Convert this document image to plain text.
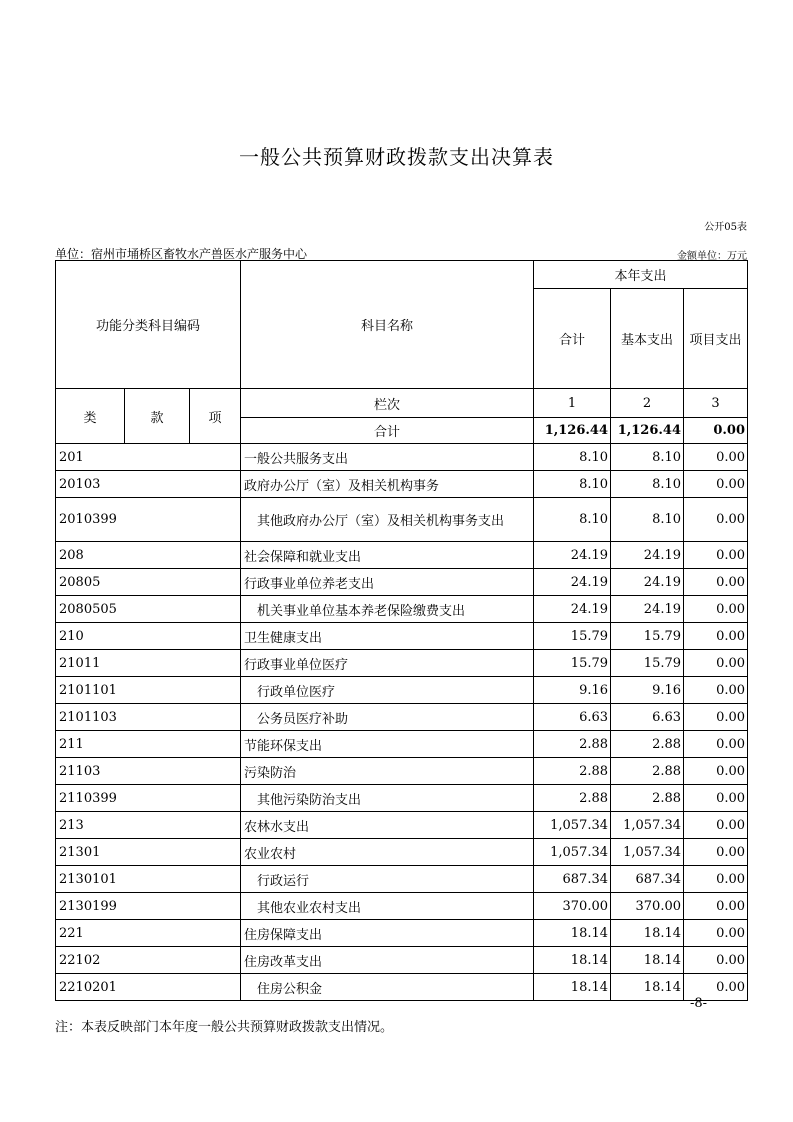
一般公共预算财政拨款支出决算表
公开05表
单位：宿州市埇桥区畜牧水产兽医水产服务中心	金额单位：万元
功能分类科目编码			科目名称	本年支出		
				合计	基本支出	项目支出

类	款	项	栏次	1	2	3
			合计	1,126.44	1,126.44	0.00
201			一般公共服务支出	8.10	8.10	0.00
20103			政府办公厅（室）及相关机构事务	8.10	8.10	0.00
2010399			其他政府办公厅（室）及相关机构事务支出	8.10	8.10	0.00
208			社会保障和就业支出	24.19	24.19	0.00
20805			行政事业单位养老支出	24.19	24.19	0.00
2080505			机关事业单位基本养老保险缴费支出	24.19	24.19	0.00
210			卫生健康支出	15.79	15.79	0.00
21011			行政事业单位医疗	15.79	15.79	0.00
2101101			行政单位医疗	9.16	9.16	0.00
2101103			公务员医疗补助	6.63	6.63	0.00
211			节能环保支出	2.88	2.88	0.00
21103			污染防治	2.88	2.88	0.00
2110399			其他污染防治支出	2.88	2.88	0.00
213			农林水支出	1,057.34	1,057.34	0.00
21301			农业农村	1,057.34	1,057.34	0.00
2130101			行政运行	687.34	687.34	0.00
2130199			其他农业农村支出	370.00	370.00	0.00
221			住房保障支出	18.14	18.14	0.00
22102			住房改革支出	18.14	18.14	0.00
2210201			住房公积金	18.14	18.14	0.00
-8-
注：本表反映部门本年度一般公共预算财政拨款支出情况。
